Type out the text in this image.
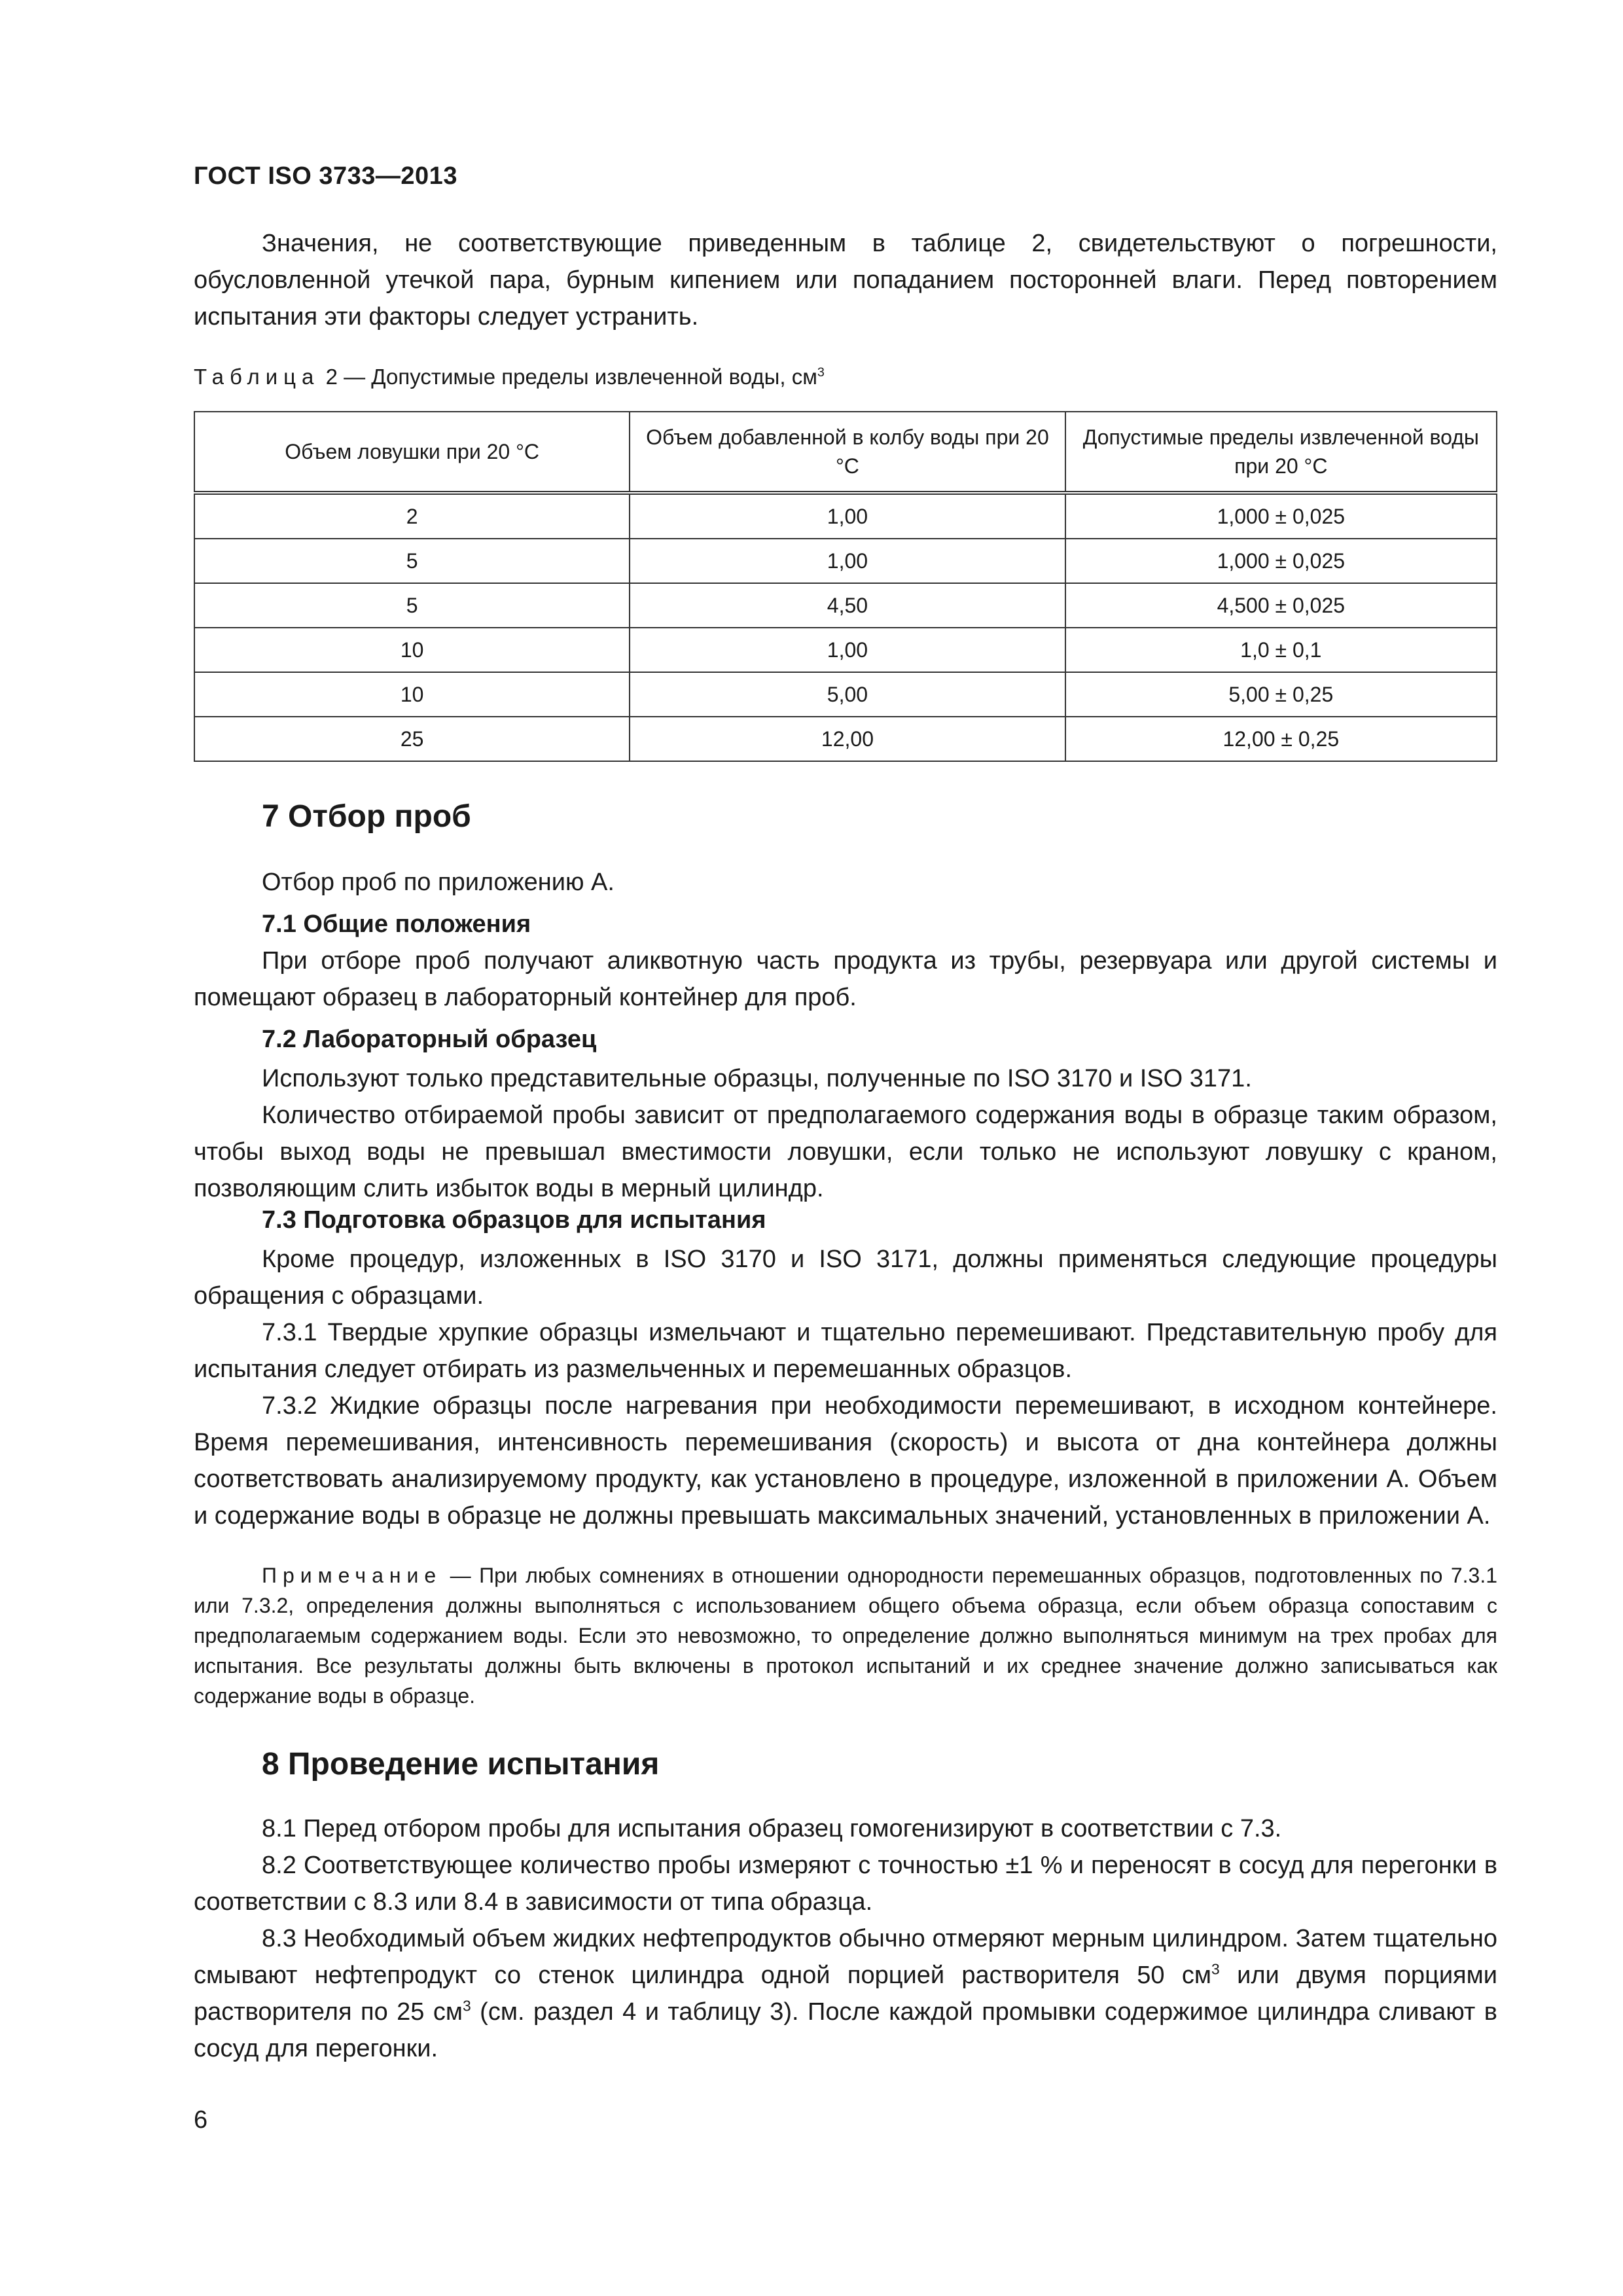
ГОСТ ISO 3733—2013

Значения, не соответствующие приведенным в таблице 2, свидетельствуют о погрешности, обусловленной утечкой пара, бурным кипением или попаданием посторонней влаги. Перед повторением испытания эти факторы следует устранить.

Таблица 2 — Допустимые пределы извлеченной воды, $см^3$
Объем ловушки при 20 °С	Объем добавленной в колбу воды при 20 °С	Допустимые пределы извлеченной воды при 20 °С
2	1,00	1,000 ± 0,025
5	1,00	1,000 ± 0,025
5	4,50	4,500 ± 0,025
10	1,00	1,0 ± 0,1
10	5,00	5,00 ± 0,25
25	12,00	12,00 ± 0,25
7 Отбор проб

Отбор проб по приложению А.

7.1 Общие положения

При отборе проб получают аликвотную часть продукта из трубы, резервуара или другой системы и помещают образец в лабораторный контейнер для проб.

7.2 Лабораторный образец

Используют только представительные образцы, полученные по ISO 3170 и ISO 3171.

Количество отбираемой пробы зависит от предполагаемого содержания воды в образце таким образом, чтобы выход воды не превышал вместимости ловушки, если только не используют ловушку с краном, позволяющим слить избыток воды в мерный цилиндр.

7.3 Подготовка образцов для испытания

Кроме процедур, изложенных в ISO 3170 и ISO 3171, должны применяться следующие процедуры обращения с образцами.

7.3.1 Твердые хрупкие образцы измельчают и тщательно перемешивают. Представительную пробу для испытания следует отбирать из размельченных и перемешанных образцов.

7.3.2 Жидкие образцы после нагревания при необходимости перемешивают, в исходном контейнере. Время перемешивания, интенсивность перемешивания (скорость) и высота от дна контейнера должны соответствовать анализируемому продукту, как установлено в процедуре, изложенной в приложении А. Объем и содержание воды в образце не должны превышать максимальных значений, установленных в приложении А.

Примечание — При любых сомнениях в отношении однородности перемешанных образцов, подготовленных по 7.3.1 или 7.3.2, определения должны выполняться с использованием общего объема образца, если объем образца сопоставим с предполагаемым содержанием воды. Если это невозможно, то определение должно выполняться минимум на трех пробах для испытания. Все результаты должны быть включены в протокол испытаний и их среднее значение должно записываться как содержание воды в образце.
8 Проведение испытания

8.1 Перед отбором пробы для испытания образец гомогенизируют в соответствии с 7.3.

8.2 Соответствующее количество пробы измеряют с точностью ±1 % и переносят в сосуд для перегонки в соответствии с 8.3 или 8.4 в зависимости от типа образца.

8.3 Необходимый объем жидких нефтепродуктов обычно отмеряют мерным цилиндром. Затем тщательно смывают нефтепродукт со стенок цилиндра одной порцией растворителя 50 $см^3$ или двумя порциями растворителя по 25 $см^3$ (см. раздел 4 и таблицу 3). После каждой промывки содержимое цилиндра сливают в сосуд для перегонки.

6
